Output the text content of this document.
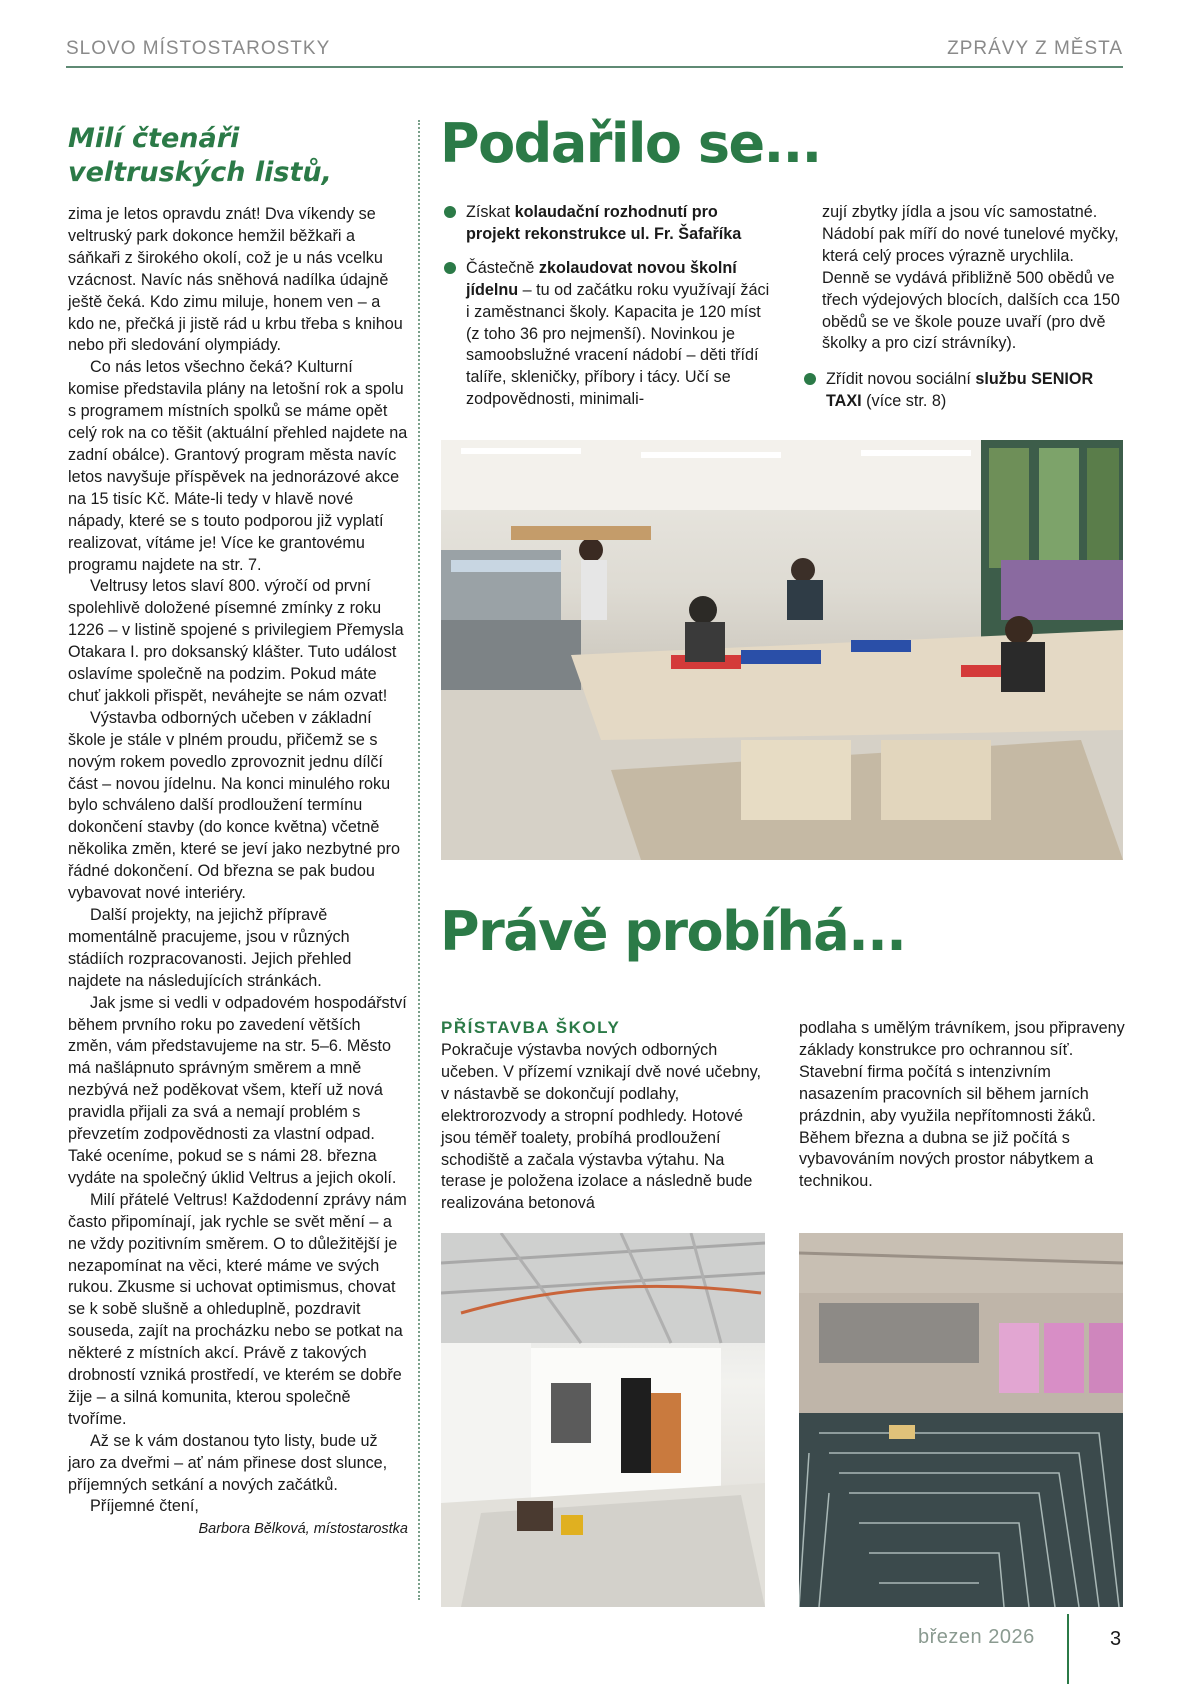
SLOVO MÍSTOSTAROSTKY	ZPRÁVY Z MĚSTA
Milí čtenáři
veltruských listů,

zima je letos opravdu znát! Dva víkendy se veltruský park dokonce hemžil běžkaři a sáňkaři z širokého okolí, což je u nás vcelku vzácnost. Navíc nás sněhová nadílka údajně ještě čeká. Kdo zimu miluje, honem ven – a kdo ne, přečká ji jistě rád u krbu třeba s knihou nebo při sledování olympiády.

Co nás letos všechno čeká? Kulturní komise představila plány na letošní rok a spolu s programem místních spolků se máme opět celý rok na co těšit (aktuální přehled najdete na zadní obálce). Grantový program města navíc letos navyšuje příspěvek na jednorázové akce na 15 tisíc Kč. Máte-li tedy v hlavě nové nápady, které se s touto podporou již vyplatí realizovat, vítáme je! Více ke grantovému programu najdete na str. 7.

Veltrusy letos slaví 800. výročí od první spolehlivě doložené písemné zmínky z roku 1226 – v listině spojené s privilegiem Přemysla Otakara I. pro doksanský klášter. Tuto událost oslavíme společně na podzim. Pokud máte chuť jakkoli přispět, neváhejte se nám ozvat!

Výstavba odborných učeben v základní škole je stále v plném proudu, přičemž se s novým rokem povedlo zprovoznit jednu dílčí část – novou jídelnu. Na konci minulého roku bylo schváleno další prodloužení termínu dokončení stavby (do konce května) včetně několika změn, které se jeví jako nezbytné pro řádné dokončení. Od března se pak budou vybavovat nové interiéry.

Další projekty, na jejichž přípravě momentálně pracujeme, jsou v různých stádiích rozpracovanosti. Jejich přehled najdete na následujících stránkách.

Jak jsme si vedli v odpadovém hospodářství během prvního roku po zavedení větších změn, vám představujeme na str. 5–6. Město má našlápnuto správným směrem a mně nezbývá než poděkovat všem, kteří už nová pravidla přijali za svá a nemají problém s převzetím zodpovědnosti za vlastní odpad. Také oceníme, pokud se s námi 28. března vydáte na společný úklid Veltrus a jejich okolí.

Milí přátelé Veltrus! Každodenní zprávy nám často připomínají, jak rychle se svět mění – a ne vždy pozitivním směrem. O to důležitější je nezapomínat na věci, které máme ve svých rukou. Zkusme si uchovat optimismus, chovat se k sobě slušně a ohleduplně, pozdravit souseda, zajít na procházku nebo se potkat na některé z místních akcí. Právě z takových drobností vzniká prostředí, ve kterém se dobře žije – a silná komunita, kterou společně tvoříme.

Až se k vám dostanou tyto listy, bude už jaro za dveřmi – ať nám přinese dost slunce, příjemných setkání a nových začátků.

Příjemné čtení,

Barbora Bělková, místostarostka

Podařilo se...

Získat kolaudační rozhodnutí pro projekt rekonstrukce ul. Fr. Šafaříka

Částečně zkolaudovat novou školní jídelnu – tu od začátku roku využívají žáci i zaměstnanci školy. Kapacita je 120 míst (z toho 36 pro nejmenší). Novinkou je samoobslužné vracení nádobí – děti třídí talíře, skleničky, příbory i tácy. Učí se zodpovědnosti, minimali-

zují zbytky jídla a jsou víc samostatné. Nádobí pak míří do nové tunelové myčky, která celý proces výrazně urychlila. Denně se vydává přibližně 500 obědů ve třech výdejových blocích, dalších cca 150 obědů se ve škole pouze uvaří (pro dvě školky a pro cizí strávníky).

Zřídit novou sociální službu SENIOR TAXI (více str. 8)

Právě probíhá...
PŘÍSTAVBA ŠKOLY
Pokračuje výstavba nových odborných učeben. V přízemí vznikají dvě nové učebny, v nástavbě se dokončují podlahy, elektrorozvody a stropní podhledy. Hotové jsou téměř toalety, probíhá prodloužení schodiště a začala výstavba výtahu. Na terase je položena izolace a následně bude realizována betonová
podlaha s umělým trávníkem, jsou připraveny základy konstrukce pro ochrannou síť. Stavební firma počítá s intenzivním nasazením pracovních sil během jarních prázdnin, aby využila nepřítomnosti žáků. Během března a dubna se již počítá s vybavováním nových prostor nábytkem a technikou.
březen 2026	3
